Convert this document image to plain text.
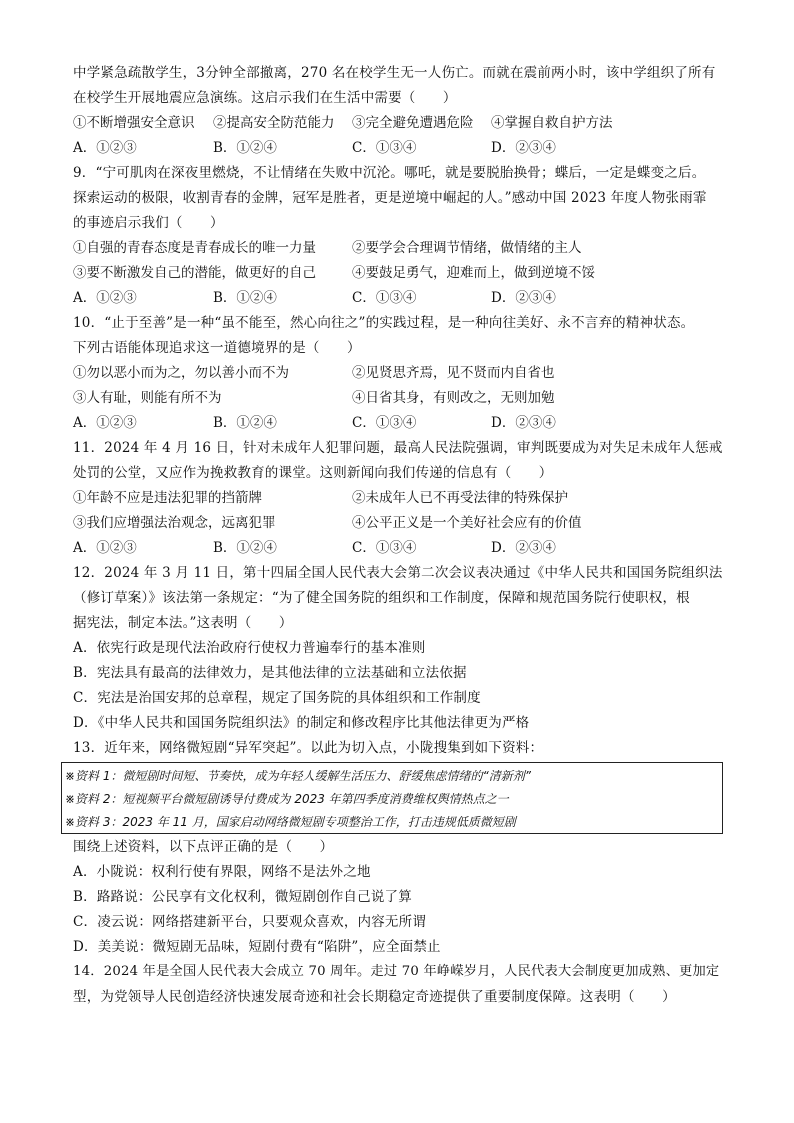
中学紧急疏散学生，3分钟全部撤离，270 名在校学生无一人伤亡。而就在震前两小时，该中学组织了所有
在校学生开展地震应急演练。这启示我们在生活中需要（　　）
①不断增强安全意识 ②提高安全防范能力 ③完全避免遭遇危险 ④掌握自救自护方法
A．①②③	B．①②④	C．①③④	D．②③④
9．“宁可肌肉在深夜里燃烧，不让情绪在失败中沉沦。哪吒，就是要脱胎换骨；蝶后，一定是蝶变之后。
探索运动的极限，收割青春的金牌，冠军是胜者，更是逆境中崛起的人。”感动中国 2023 年度人物张雨霏
的事迹启示我们（　　）
①自强的青春态度是青春成长的唯一力量	②要学会合理调节情绪，做情绪的主人
③要不断激发自己的潜能，做更好的自己	④要鼓足勇气，迎难而上，做到逆境不馁
A．①②③	B．①②④	C．①③④	D．②③④
10．“止于至善”是一种“虽不能至，然心向往之”的实践过程，是一种向往美好、永不言弃的精神状态。
下列古语能体现追求这一道德境界的是（　　）
①勿以恶小而为之，勿以善小而不为	②见贤思齐焉，见不贤而内自省也
③人有耻，则能有所不为	④日省其身，有则改之，无则加勉
A．①②③	B．①②④	C．①③④	D．②③④
11．2024 年 4 月 16 日，针对未成年人犯罪问题，最高人民法院强调，审判既要成为对失足未成年人惩戒
处罚的公堂，又应作为挽救教育的课堂。这则新闻向我们传递的信息有（　　）
①年龄不应是违法犯罪的挡箭牌	②未成年人已不再受法律的特殊保护
③我们应增强法治观念，远离犯罪	④公平正义是一个美好社会应有的价值
A．①②③	B．①②④	C．①③④	D．②③④
12．2024 年 3 月 11 日，第十四届全国人民代表大会第二次会议表决通过《中华人民共和国国务院组织法
（修订草案）》该法第一条规定：“为了健全国务院的组织和工作制度，保障和规范国务院行使职权，根
据宪法，制定本法。”这表明（　　）
A．依宪行政是现代法治政府行使权力普遍奉行的基本准则
B．宪法具有最高的法律效力，是其他法律的立法基础和立法依据
C．宪法是治国安邦的总章程，规定了国务院的具体组织和工作制度
D．《中华人民共和国国务院组织法》的制定和修改程序比其他法律更为严格
13．近年来，网络微短剧“异军突起”。以此为切入点，小陇搜集到如下资料：
※资料 1：微短剧时间短、节奏快，成为年轻人缓解生活压力、舒缓焦虑情绪的“清新剂”
※资料 2：短视频平台微短剧诱导付费成为 2023 年第四季度消费维权舆情热点之一
※资料 3：2023 年 11 月，国家启动网络微短剧专项整治工作，打击违规低质微短剧
围绕上述资料，以下点评正确的是（　　）
A．小陇说：权利行使有界限，网络不是法外之地
B．路路说：公民享有文化权利，微短剧创作自己说了算
C．凌云说：网络搭建新平台，只要观众喜欢，内容无所谓
D．美美说：微短剧无品味，短剧付费有“陷阱”，应全面禁止
14．2024 年是全国人民代表大会成立 70 周年。走过 70 年峥嵘岁月，人民代表大会制度更加成熟、更加定
型，为党领导人民创造经济快速发展奇迹和社会长期稳定奇迹提供了重要制度保障。这表明（　　）
